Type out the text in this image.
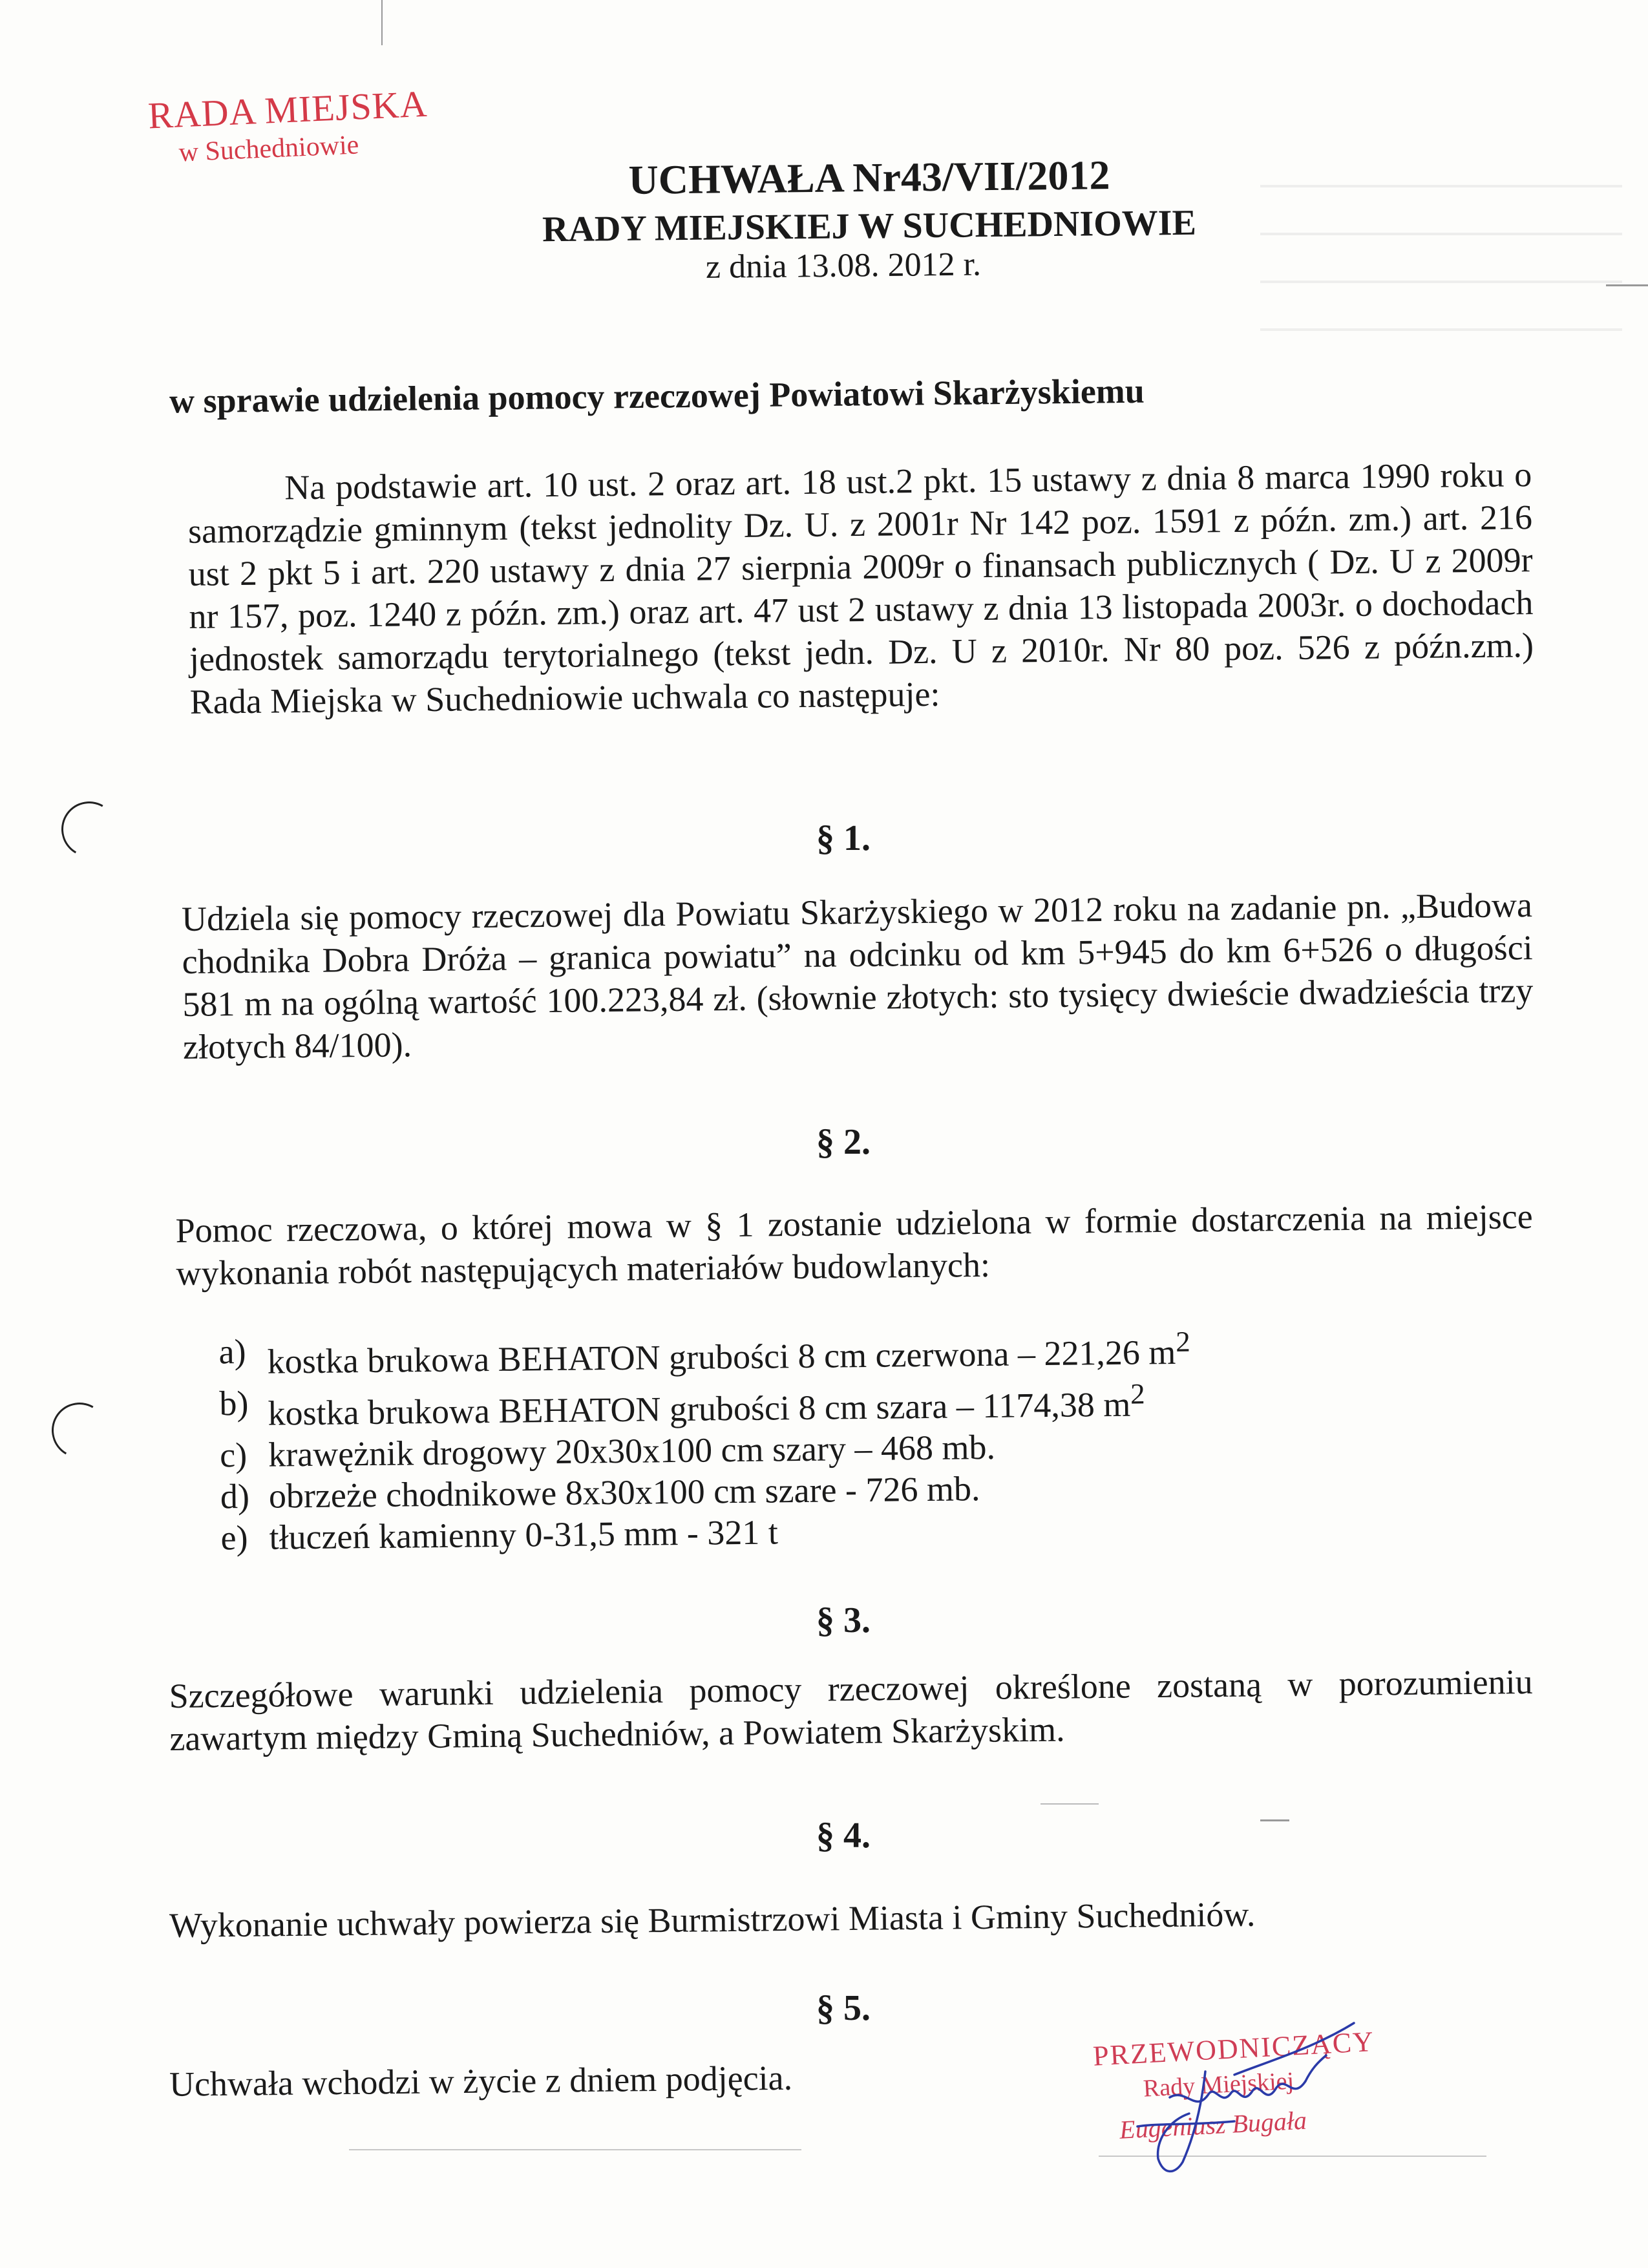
RADA MIEJSKA
w Suchedniowie
UCHWAŁA Nr43/VII/2012
RADY MIEJSKIEJ W SUCHEDNIOWIE
z dnia 13.08. 2012 r.
w sprawie udzielenia pomocy rzeczowej Powiatowi Skarżyskiemu
Na podstawie art. 10 ust. 2 oraz art. 18 ust.2 pkt. 15 ustawy z dnia 8 marca 1990 roku o samorządzie gminnym (tekst jednolity Dz. U. z 2001r Nr 142 poz. 1591 z późn. zm.) art. 216 ust 2 pkt 5 i art. 220 ustawy z dnia 27 sierpnia 2009r o finansach publicznych ( Dz. U z 2009r nr 157, poz. 1240 z późn. zm.) oraz art. 47 ust 2 ustawy z dnia 13 listopada 2003r. o dochodach jednostek samorządu terytorialnego (tekst jedn. Dz. U z 2010r. Nr 80 poz. 526 z późn.zm.) Rada Miejska w Suchedniowie uchwala co następuje:
§ 1.
Udziela się pomocy rzeczowej dla Powiatu Skarżyskiego w 2012 roku na zadanie pn. „Budowa chodnika Dobra Dróża – granica powiatu” na odcinku od km 5+945 do km 6+526 o długości 581 m na ogólną wartość 100.223,84 zł. (słownie złotych: sto tysięcy dwieście dwadzieścia trzy złotych 84/100).
§ 2.
Pomoc rzeczowa, o której mowa w § 1 zostanie udzielona w formie dostarczenia na miejsce wykonania robót następujących materiałów budowlanych:
a) kostka brukowa BEHATON grubości 8 cm czerwona – 221,26 $m^2$
b) kostka brukowa BEHATON grubości 8 cm szara – 1174,38 $m^2$
c) krawężnik drogowy 20x30x100 cm szary – 468 mb.
d) obrzeże chodnikowe 8x30x100 cm szare - 726 mb.
e) tłuczeń kamienny 0-31,5 mm - 321 t
§ 3.
Szczegółowe warunki udzielenia pomocy rzeczowej określone zostaną w porozumieniu zawartym między Gminą Suchedniów, a Powiatem Skarżyskim.
§ 4.
Wykonanie uchwały powierza się Burmistrzowi Miasta i Gminy Suchedniów.
§ 5.
Uchwała wchodzi w życie z dniem podjęcia.
PRZEWODNICZĄCY
Rady Miejskiej
Eugeniusz Bugała
